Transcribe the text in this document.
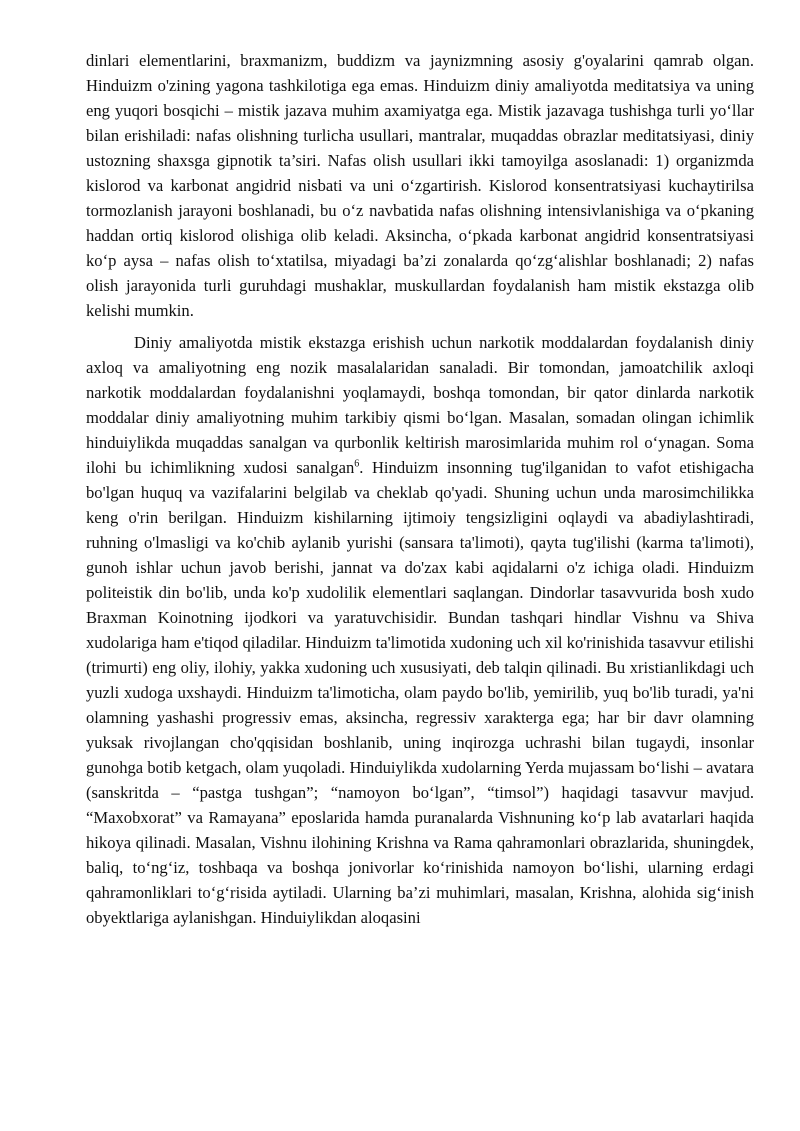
dinlari elementlarini, braxmanizm, buddizm va jaynizmning asosiy g'oyalarini qamrab olgan. Hinduizm o'zining yagona tashkilotiga ega emas. Hinduizm diniy amaliyotda meditatsiya va uning eng yuqori bosqichi – mistik jazava muhim axamiyatga ega. Mistik jazavaga tushishga turli yo‘llar bilan erishiladi: nafas olishning turlicha usullari, mantralar, muqaddas obrazlar meditatsiyasi, diniy ustozning shaxsga gipnotik ta’siri. Nafas olish usullari ikki tamoyilga asoslanadi: 1) organizmda kislorod va karbonat angidrid nisbati va uni o‘zgartirish. Kislorod konsentratsiyasi kuchaytirilsa tormozlanish jarayoni boshlanadi, bu o‘z navbatida nafas olishning intensivlanishiga va o‘pkaning haddan ortiq kislorod olishiga olib keladi. Aksincha, o‘pkada karbonat angidrid konsentratsiyasi ko‘p aysa – nafas olish to‘xtatilsa, miyadagi ba’zi zonalarda qo‘zg‘alishlar boshlanadi; 2) nafas olish jarayonida turli guruhdagi mushaklar, muskullardan foydalanish ham mistik ekstazga olib kelishi mumkin.

Diniy amaliyotda mistik ekstazga erishish uchun narkotik moddalardan foydalanish diniy axloq va amaliyotning eng nozik masalalaridan sanaladi. Bir tomondan, jamoatchilik axloqi narkotik moddalardan foydalanishni yoqlamaydi, boshqa tomondan, bir qator dinlarda narkotik moddalar diniy amaliyotning muhim tarkibiy qismi bo‘lgan. Masalan, somadan olingan ichimlik hinduiylikda muqaddas sanalgan va qurbonlik keltirish marosimlarida muhim rol o‘ynagan. Soma ilohi bu ichimlikning xudosi sanalgan$^6$. Hinduizm insonning tug'ilganidan to vafot etishigacha bo'lgan huquq va vazifalarini belgilab va cheklab qo'yadi. Shuning uchun unda marosimchilikka keng o'rin berilgan. Hinduizm kishilarning ijtimoiy tengsizligini oqlaydi va abadiylashtiradi, ruhning o'lmasligi va ko'chib aylanib yurishi (sansara ta'limoti), qayta tug'ilishi (karma ta'limoti), gunoh ishlar uchun javob berishi, jannat va do'zax kabi aqidalarni o'z ichiga oladi. Hinduizm politeistik din bo'lib, unda ko'p xudolilik elementlari saqlangan. Dindorlar tasavvurida bosh xudo Braxman Koinotning ijodkori va yaratuvchisidir. Bundan tashqari hindlar Vishnu va Shiva xudolariga ham e'tiqod qiladilar. Hinduizm ta'limotida xudoning uch xil ko'rinishida tasavvur etilishi (trimurti) eng oliy, ilohiy, yakka xudoning uch xususiyati, deb talqin qilinadi. Bu xristianlikdagi uch yuzli xudoga uxshaydi. Hinduizm ta'limoticha, olam paydo bo'lib, yemirilib, yuq bo'lib turadi, ya'ni olamning yashashi progressiv emas, aksincha, regressiv xarakterga ega; har bir davr olamning yuksak rivojlangan cho'qqisidan boshlanib, uning inqirozga uchrashi bilan tugaydi, insonlar gunohga botib ketgach, olam yuqoladi. Hinduiylikda xudolarning Yerda mujassam bo‘lishi – avatara (sanskritda – “pastga tushgan”; “namoyon bo‘lgan”, “timsol”) haqidagi tasavvur mavjud. “Maxobxorat” va Ramayana” eposlarida hamda puranalarda Vishnuning ko‘p lab avatarlari haqida hikoya qilinadi. Masalan, Vishnu ilohining Krishna va Rama qahramonlari obrazlarida, shuningdek, baliq, to‘ng‘iz, toshbaqa va boshqa jonivorlar ko‘rinishida namoyon bo‘lishi, ularning erdagi qahramonliklari to‘g‘risida aytiladi. Ularning ba’zi muhimlari, masalan, Krishna, alohida sig‘inish obyektlariga aylanishgan. Hinduiylikdan aloqasini
